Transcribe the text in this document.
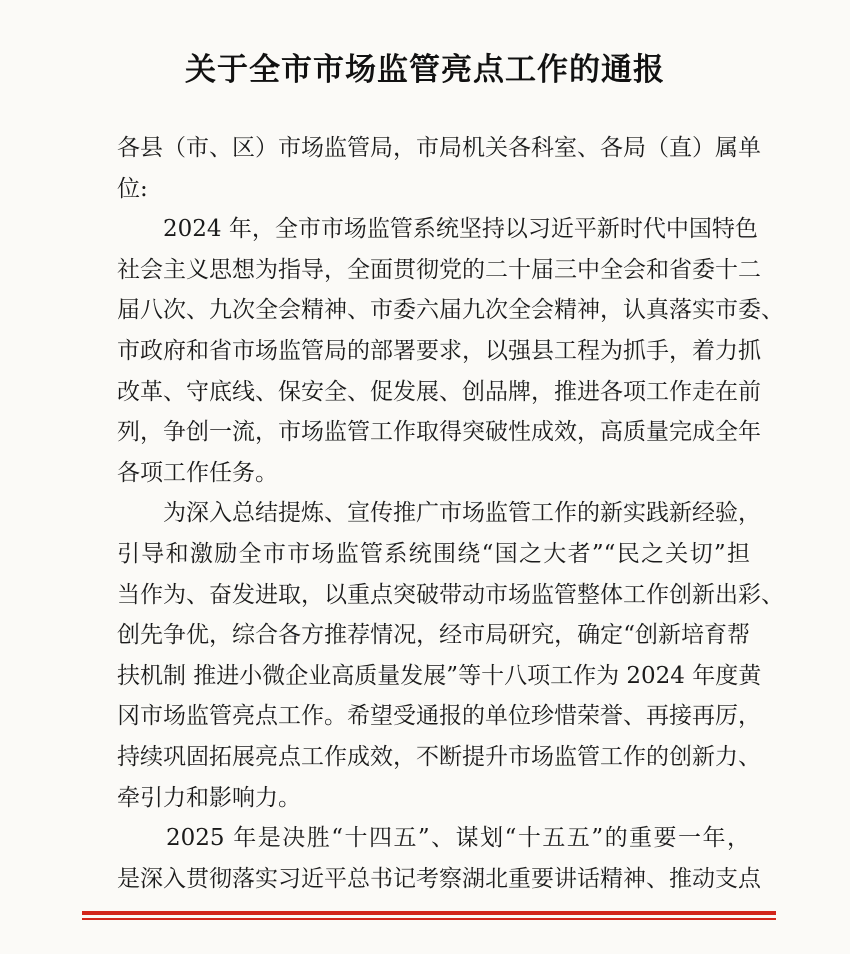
关于全市市场监管亮点工作的通报
各县（市、区）市场监管局，市局机关各科室、各局（直）属单
位:
　　2024 年，全市市场监管系统坚持以习近平新时代中国特色
社会主义思想为指导，全面贯彻党的二十届三中全会和省委十二
届八次、九次全会精神、市委六届九次全会精神，认真落实市委、
市政府和省市场监管局的部署要求，以强县工程为抓手，着力抓
改革、守底线、保安全、促发展、创品牌，推进各项工作走在前
列，争创一流，市场监管工作取得突破性成效，高质量完成全年
各项工作任务。
　　为深入总结提炼、宣传推广市场监管工作的新实践新经验，
引导和激励全市市场监管系统围绕“国之大者”“民之关切”担
当作为、奋发进取，以重点突破带动市场监管整体工作创新出彩、
创先争优，综合各方推荐情况，经市局研究，确定“创新培育帮
扶机制 推进小微企业高质量发展”等十八项工作为 2024 年度黄
冈市场监管亮点工作。希望受通报的单位珍惜荣誉、再接再厉，
持续巩固拓展亮点工作成效，不断提升市场监管工作的创新力、
牵引力和影响力。
　　2025 年是决胜“十四五”、谋划“十五五”的重要一年，
是深入贯彻落实习近平总书记考察湖北重要讲话精神、推动支点
